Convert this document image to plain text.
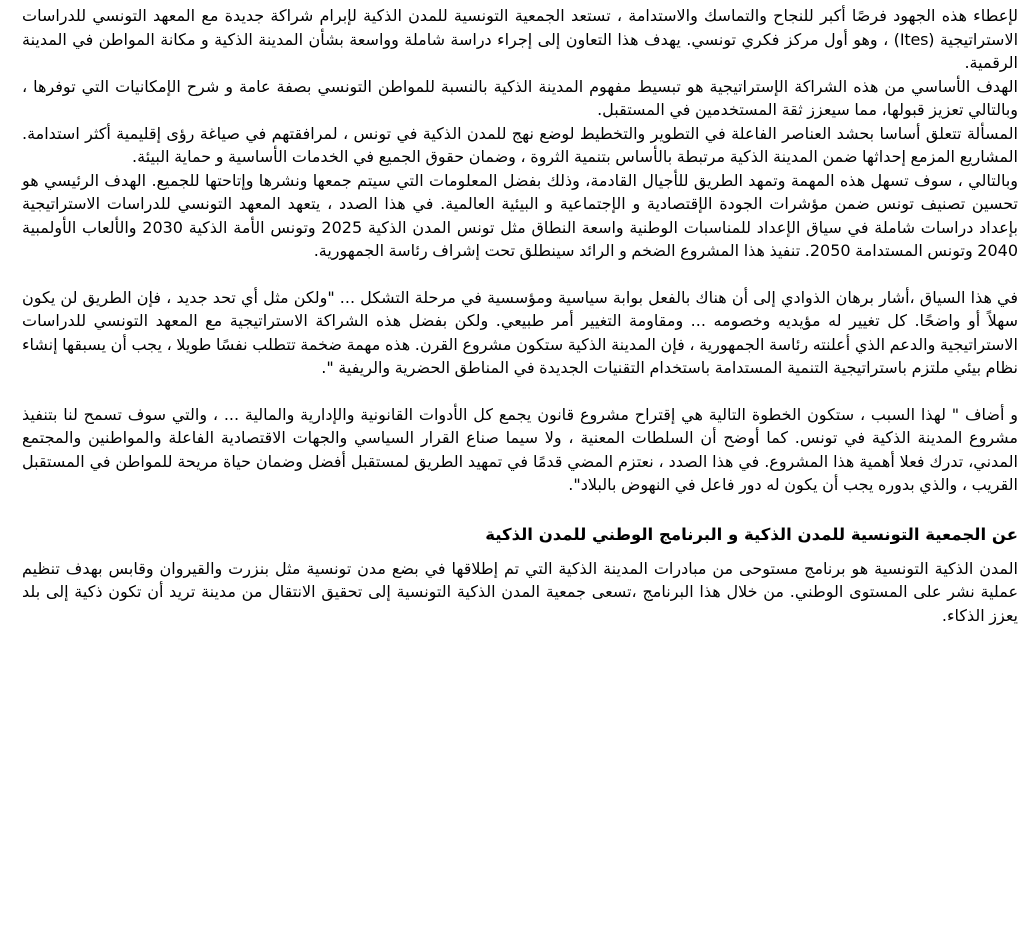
لإعطاء هذه الجهود فرصًا أكبر للنجاح والتماسك والاستدامة ، تستعد الجمعية التونسية للمدن الذكية لإبرام شراكة جديدة مع المعهد التونسي للدراسات الاستراتيجية (Ites) ، وهو أول مركز فكري تونسي. يهدف هذا التعاون إلى إجراء دراسة شاملة وواسعة بشأن المدينة الذكية و مكانة المواطن في المدينة الرقمية.

الهدف الأساسي من هذه الشراكة الإستراتيجية هو تبسيط مفهوم المدينة الذكية بالنسبة للمواطن التونسي بصفة عامة و شرح الإمكانيات التي توفرها ، وبالتالي تعزيز قبولها، مما سيعزز ثقة المستخدمين في المستقبل.

المسألة تتعلق أساسا بحشد العناصر الفاعلة في التطوير والتخطيط لوضع نهج للمدن الذكية في تونس ، لمرافقتهم في صياغة رؤى إقليمية أكثر استدامة. المشاريع المزمع إحداثها ضمن المدينة الذكية مرتبطة بالأساس بتنمية الثروة ، وضمان حقوق الجميع في الخدمات الأساسية و حماية البيئة.

وبالتالي ، سوف تسهل هذه المهمة وتمهد الطريق للأجيال القادمة، وذلك بفضل المعلومات التي سيتم جمعها ونشرها وإتاحتها للجميع. الهدف الرئيسي هو تحسين تصنيف تونس ضمن مؤشرات الجودة الإقتصادية و الإجتماعية و البيئية العالمية. في هذا الصدد ، يتعهد المعهد التونسي للدراسات الاستراتيجية بإعداد دراسات شاملة في سياق الإعداد للمناسبات الوطنية واسعة النطاق مثل تونس المدن الذكية 2025 وتونس الأمة الذكية 2030 والألعاب الأولمبية 2040 وتونس المستدامة 2050. تنفيذ هذا المشروع الضخم و الرائد سينطلق تحت إشراف رئاسة الجمهورية.

في هذا السياق ،أشار برهان الذوادي إلى أن هناك بالفعل بوابة سياسية ومؤسسية في مرحلة التشكل ... "ولكن مثل أي تحد جديد ، فإن الطريق لن يكون سهلاً أو واضحًا. كل تغيير له مؤيديه وخصومه ... ومقاومة التغيير أمر طبيعي. ولكن بفضل هذه الشراكة الاستراتيجية مع المعهد التونسي للدراسات الاستراتيجية والدعم الذي أعلنته رئاسة الجمهورية ، فإن المدينة الذكية ستكون مشروع القرن. هذه مهمة ضخمة تتطلب نفسًا طويلا ، يجب أن يسبقها إنشاء نظام بيئي ملتزم باستراتيجية التنمية المستدامة باستخدام التقنيات الجديدة في المناطق الحضرية والريفية ".

و أضاف " لهذا السبب ، ستكون الخطوة التالية هي إقتراح مشروع قانون يجمع كل الأدوات القانونية والإدارية والمالية ... ، والتي سوف تسمح لنا بتنفيذ مشروع المدينة الذكية في تونس. كما أوضح أن السلطات المعنية ، ولا سيما صناع القرار السياسي والجهات الاقتصادية الفاعلة والمواطنين والمجتمع المدني، تدرك فعلا أهمية هذا المشروع. في هذا الصدد ، نعتزم المضي قدمًا في تمهيد الطريق لمستقبل أفضل وضمان حياة مريحة للمواطن في المستقبل القريب ، والذي بدوره يجب أن يكون له دور فاعل في النهوض بالبلاد".

عن الجمعية التونسية للمدن الذكية و البرنامج الوطني للمدن الذكية

المدن الذكية التونسية هو برنامج مستوحى من مبادرات المدينة الذكية التي تم إطلاقها في بضع مدن تونسية مثل بنزرت والقيروان وقابس بهدف تنظيم عملية نشر على المستوى الوطني. من خلال هذا البرنامج ،تسعى جمعية المدن الذكية التونسية إلى تحقيق الانتقال من مدينة تريد أن تكون ذكية إلى بلد يعزز الذكاء.
